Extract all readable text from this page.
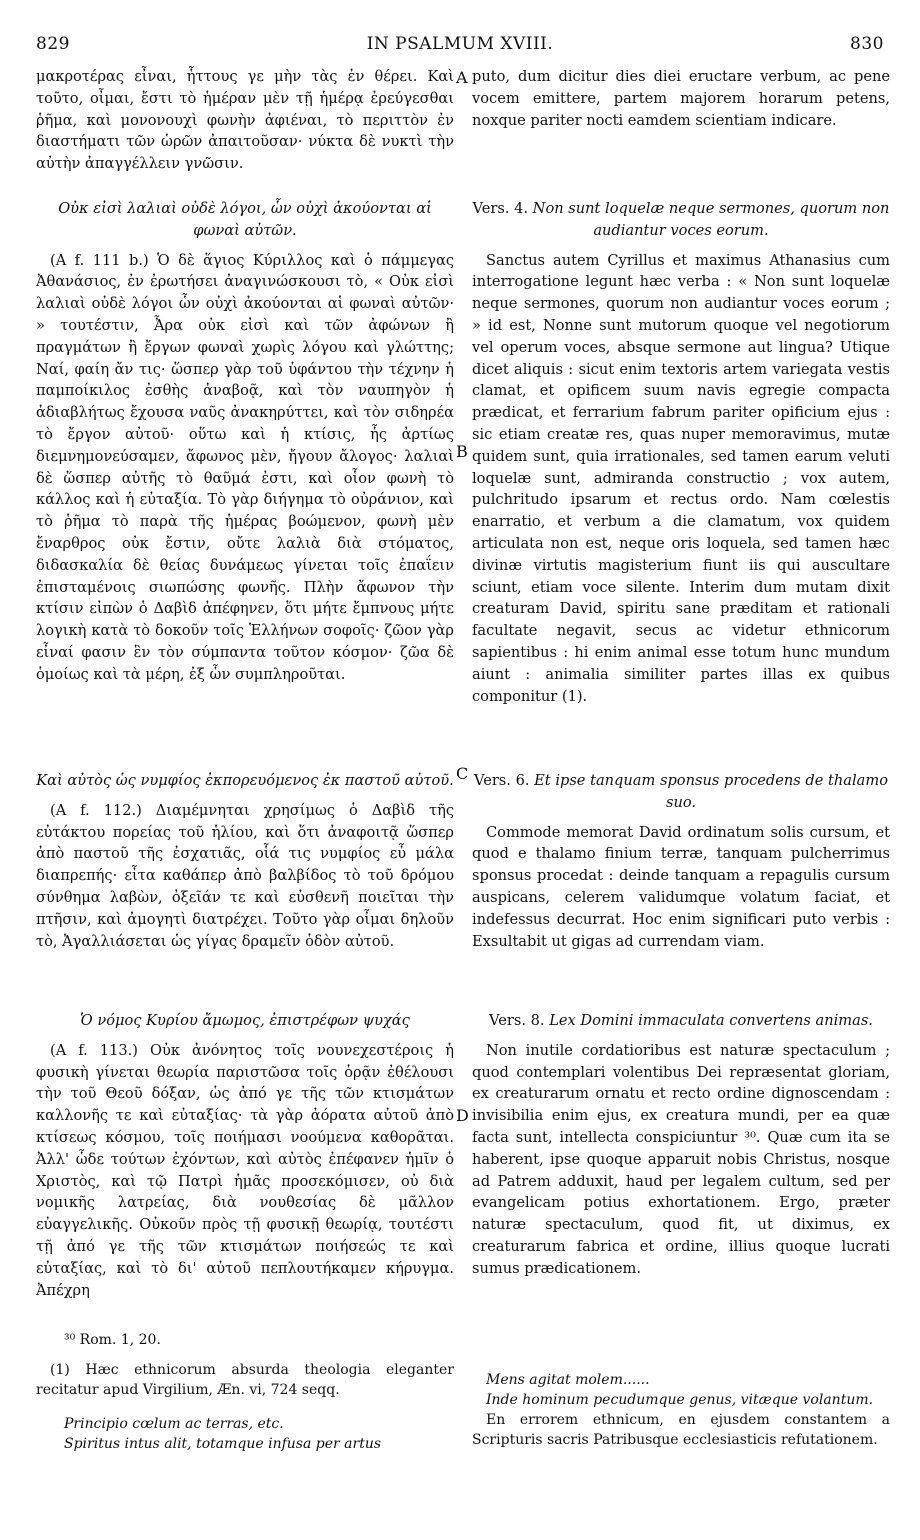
829	IN PSALMUM XVIII.	830

μακροτέρας εἶναι, ἧττους γε μὴν τὰς ἐν θέρει. Καὶ τοῦτο, οἶμαι, ἔστι τὸ ἡμέραν μὲν τῇ ἡμέρᾳ ἐρεύγεσθαι ῥῆμα, καὶ μονονουχὶ φωνὴν ἀφιέναι, τὸ περιττὸν ἐν διαστήματι τῶν ὡρῶν ἀπαιτοῦσαν· νύκτα δὲ νυκτὶ τὴν αὐτὴν ἀπαγγέλλειν γνῶσιν.

Οὐκ εἰσὶ λαλιαὶ οὐδὲ λόγοι, ὧν οὐχὶ ἀκούονται αἱ φωναὶ αὐτῶν.

(A f. 111 b.) Ὁ δὲ ἅγιος Κύριλλος καὶ ὁ πάμμεγας Ἀθανάσιος, ἐν ἐρωτήσει ἀναγινώσκουσι τὸ, « Οὐκ εἰσὶ λαλιαὶ οὐδὲ λόγοι ὧν οὐχὶ ἀκούονται αἱ φωναὶ αὐτῶν· » τουτέστιν, Ἆρα οὐκ εἰσὶ καὶ τῶν ἀφώνων ἢ πραγμάτων ἢ ἔργων φωναὶ χωρὶς λόγου καὶ γλώττης; Ναί, φαίη ἄν τις· ὥσπερ γὰρ τοῦ ὑφάντου τὴν τέχνην ἡ παμποίκιλος ἐσθὴς ἀναβοᾷ, καὶ τὸν ναυπηγὸν ἡ ἀδιαβλήτως ἔχουσα ναῦς ἀνακηρύττει, καὶ τὸν σιδηρέα τὸ ἔργον αὐτοῦ· οὕτω καὶ ἡ κτίσις, ἧς ἀρτίως διεμνημονεύσαμεν, ἄφωνος μὲν, ἤγουν ἄλογος· λαλιαὶ δὲ ὥσπερ αὐτῆς τὸ θαῦμά ἐστι, καὶ οἷον φωνὴ τὸ κάλλος καὶ ἡ εὐταξία. Τὸ γὰρ διήγημα τὸ οὐράνιον, καὶ τὸ ῥῆμα τὸ παρὰ τῆς ἡμέρας βοώμενον, φωνὴ μὲν ἔναρθρος οὐκ ἔστιν, οὔτε λαλιὰ διὰ στόματος, διδασκαλία δὲ θείας δυνάμεως γίνεται τοῖς ἐπαΐειν ἐπισταμένοις σιωπώσης φωνῆς. Πλὴν ἄφωνον τὴν κτίσιν εἰπὼν ὁ Δαβὶδ ἀπέφηνεν, ὅτι μήτε ἔμπνους μήτε λογικὴ κατὰ τὸ δοκοῦν τοῖς Ἑλλήνων σοφοῖς· ζῶον γὰρ εἶναί φασιν ἓν τὸν σύμπαντα τοῦτον κόσμον· ζῶα δὲ ὁμοίως καὶ τὰ μέρη, ἐξ ὧν συμπληροῦται.

Καὶ αὐτὸς ὡς νυμφίος ἐκπορευόμενος ἐκ παστοῦ αὐτοῦ.

(A f. 112.) Διαμέμνηται χρησίμως ὁ Δαβὶδ τῆς εὐτάκτου πορείας τοῦ ἡλίου, καὶ ὅτι ἀναφοιτᾷ ὥσπερ ἀπὸ παστοῦ τῆς ἐσχατιᾶς, οἷά τις νυμφίος εὖ μάλα διαπρεπής· εἶτα καθάπερ ἀπὸ βαλβίδος τὸ τοῦ δρόμου σύνθημα λαβὼν, ὀξεῖάν τε καὶ εὐσθενῆ ποιεῖται τὴν πτῆσιν, καὶ ἀμογητὶ διατρέχει. Τοῦτο γὰρ οἶμαι δηλοῦν τὸ, Ἀγαλλιάσεται ὡς γίγας δραμεῖν ὁδὸν αὐτοῦ.

Ὁ νόμος Κυρίου ἄμωμος, ἐπιστρέφων ψυχάς

(A f. 113.) Οὐκ ἀνόνητος τοῖς νουνεχεστέροις ἡ φυσικὴ γίνεται θεωρία παριστῶσα τοῖς ὁρᾷν ἐθέλουσι τὴν τοῦ Θεοῦ δόξαν, ὡς ἀπό γε τῆς τῶν κτισμάτων καλλονῆς τε καὶ εὐταξίας· τὰ γὰρ ἀόρατα αὐτοῦ ἀπὸ κτίσεως κόσμου, τοῖς ποιήμασι νοούμενα καθορᾶται. Ἀλλ' ὧδε τούτων ἐχόντων, καὶ αὐτὸς ἐπέφανεν ἡμῖν ὁ Χριστὸς, καὶ τῷ Πατρὶ ἡμᾶς προσεκόμισεν, οὐ διὰ νομικῆς λατρείας, διὰ νουθεσίας δὲ μᾶλλον εὐαγγελικῆς. Οὐκοῦν πρὸς τῇ φυσικῇ θεωρίᾳ, τουτέστι τῇ ἀπό γε τῆς τῶν κτισμάτων ποιήσεώς τε καὶ εὐταξίας, καὶ τὸ δι' αὐτοῦ πεπλουτήκαμεν κήρυγμα. Ἀπέχρη

A
B
C
D

puto, dum dicitur dies diei eructare verbum, ac pene vocem emittere, partem majorem horarum petens, noxque pariter nocti eamdem scientiam indicare.

Vers. 4. Non sunt loquelæ neque sermones, quorum non audiantur voces eorum.

Sanctus autem Cyrillus et maximus Athanasius cum interrogatione legunt hæc verba : « Non sunt loquelæ neque sermones, quorum non audiantur voces eorum ; » id est, Nonne sunt mutorum quoque vel negotiorum vel operum voces, absque sermone aut lingua? Utique dicet aliquis : sicut enim textoris artem variegata vestis clamat, et opificem suum navis egregie compacta prædicat, et ferrarium fabrum pariter opificium ejus : sic etiam creatæ res, quas nuper memoravimus, mutæ quidem sunt, quia irrationales, sed tamen earum veluti loquelæ sunt, admiranda constructio ; vox autem, pulchritudo ipsarum et rectus ordo. Nam cœlestis enarratio, et verbum a die clamatum, vox quidem articulata non est, neque oris loquela, sed tamen hæc divinæ virtutis magisterium fiunt iis qui auscultare sciunt, etiam voce silente. Interim dum mutam dixit creaturam David, spiritu sane præditam et rationali facultate negavit, secus ac videtur ethnicorum sapientibus : hi enim animal esse totum hunc mundum aiunt : animalia similiter partes illas ex quibus componitur (1).

Vers. 6. Et ipse tanquam sponsus procedens de thalamo suo.

Commode memorat David ordinatum solis cursum, et quod e thalamo finium terræ, tanquam pulcherrimus sponsus procedat : deinde tanquam a repagulis cursum auspicans, celerem validumque volatum faciat, et indefessus decurrat. Hoc enim significari puto verbis : Exsultabit ut gigas ad currendam viam.

Vers. 8. Lex Domini immaculata convertens animas.

Non inutile cordatioribus est naturæ spectaculum ; quod contemplari volentibus Dei repræsentat gloriam, ex creaturarum ornatu et recto ordine dignoscendam : invisibilia enim ejus, ex creatura mundi, per ea quæ facta sunt, intellecta conspiciuntur ³⁰. Quæ cum ita se haberent, ipse quoque apparuit nobis Christus, nosque ad Patrem adduxit, haud per legalem cultum, sed per evangelicam potius exhortationem. Ergo, præter naturæ spectaculum, quod fit, ut diximus, ex creaturarum fabrica et ordine, illius quoque lucrati sumus prædicationem.

³⁰ Rom. 1, 20.

(1) Hæc ethnicorum absurda theologia eleganter recitatur apud Virgilium, Æn. vi, 724 seqq.

Principio cœlum ac terras, etc.

Spiritus intus alit, totamque infusa per artus

Mens agitat molem......

Inde hominum pecudumque genus, vitæque volantum.

En errorem ethnicum, en ejusdem constantem a Scripturis sacris Patribusque ecclesiasticis refutationem.
